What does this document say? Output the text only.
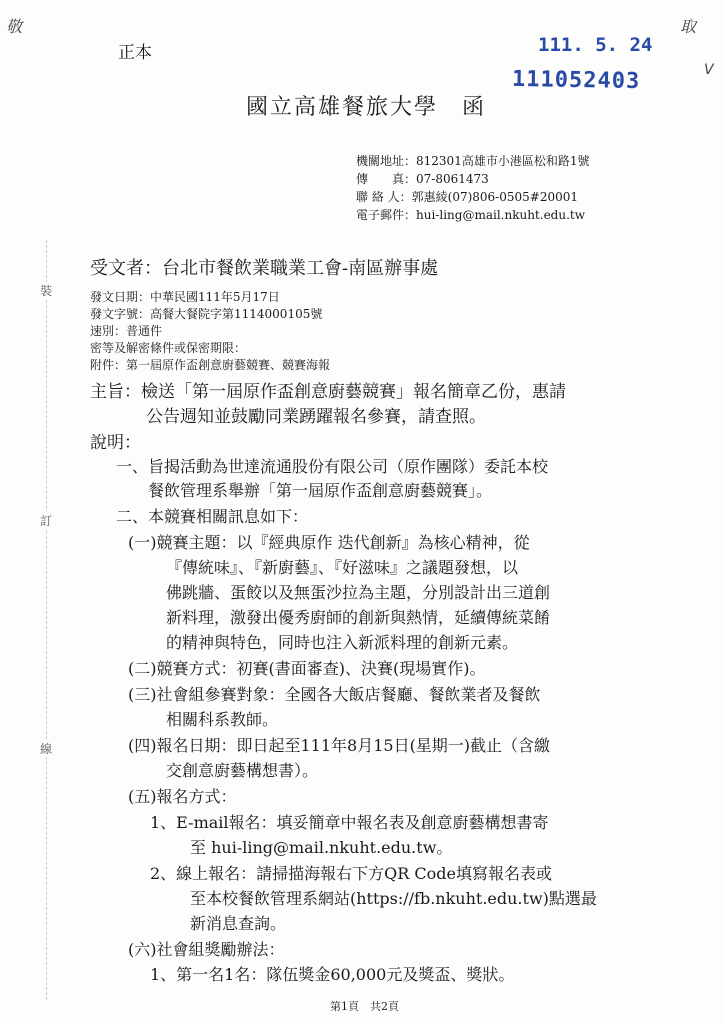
敬	取
V
裝
訂
線
正本	111. 5. 24
111052403
國立高雄餐旅大學　函
機關地址：812301高雄市小港區松和路1號
傳　　真：07-8061473
聯 絡 人：郭惠綾(07)806-0505#20001
電子郵件：hui-ling@mail.nkuht.edu.tw
受文者：台北市餐飲業職業工會-南區辦事處
發文日期：中華民國111年5月17日
發文字號：高餐大餐院字第1114000105號
速別：普通件
密等及解密條件或保密期限：
附件：第一屆原作盃創意廚藝競賽、競賽海報
主旨：檢送「第一屆原作盃創意廚藝競賽」報名簡章乙份，惠請
公告週知並鼓勵同業踴躍報名參賽，請查照。
說明：
一、旨揭活動為世達流通股份有限公司（原作團隊）委託本校
餐飲管理系舉辦「第一屆原作盃創意廚藝競賽」。
二、本競賽相關訊息如下：
(一)競賽主題：以『經典原作 迭代創新』為核心精神，從
『傳統味』、『新廚藝』、『好滋味』之議題發想，以
佛跳牆、蛋餃以及無蛋沙拉為主題，分別設計出三道創
新料理，激發出優秀廚師的創新與熱情，延續傳統菜餚
的精神與特色，同時也注入新派料理的創新元素。
(二)競賽方式：初賽(書面審查)、決賽(現場實作)。
(三)社會組參賽對象：全國各大飯店餐廳、餐飲業者及餐飲
相關科系教師。
(四)報名日期：即日起至111年8月15日(星期一)截止（含繳
交創意廚藝構想書）。
(五)報名方式：
1、E-mail報名：填妥簡章中報名表及創意廚藝構想書寄
至 hui-ling@mail.nkuht.edu.tw。
2、線上報名：請掃描海報右下方QR Code填寫報名表或
至本校餐飲管理系網站(https://fb.nkuht.edu.tw)點選最
新消息查詢。
(六)社會組獎勵辦法：
1、第一名1名：隊伍獎金60,000元及獎盃、獎狀。
第1頁　共2頁
